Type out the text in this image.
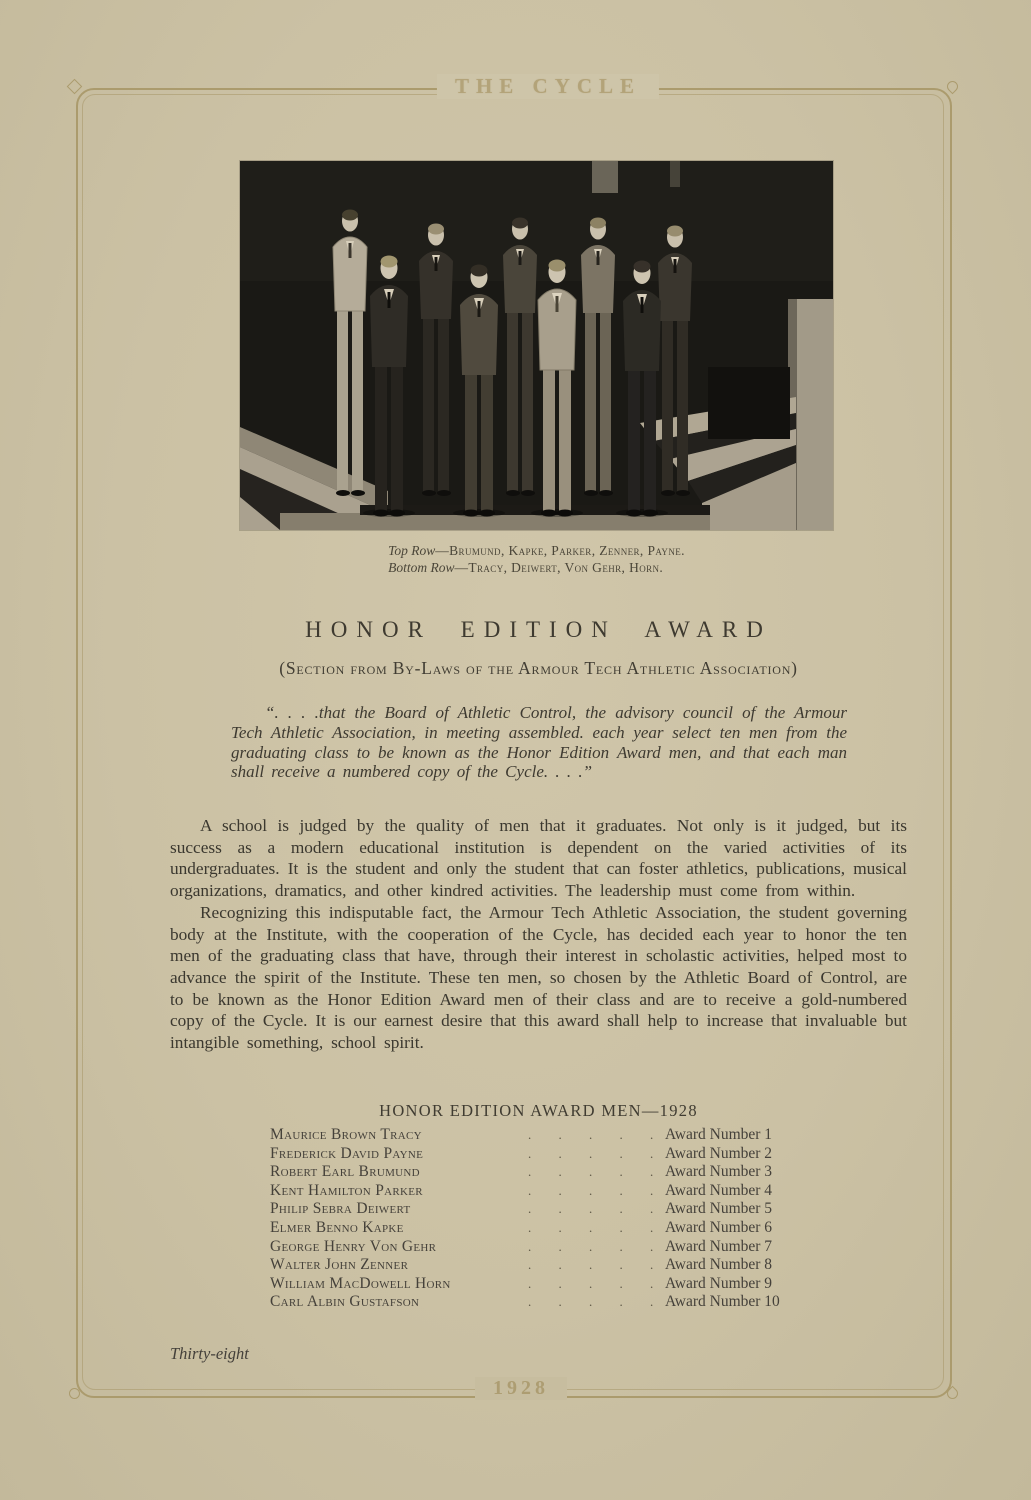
THE CYCLE
Top Row—Brumund, Kapke, Parker, Zenner, Payne.
Bottom Row—Tracy, Deiwert, Von Gehr, Horn.
HONOR EDITION AWARD
(Section from By-Laws of the Armour Tech Athletic Association)
“. . . .that the Board of Athletic Control, the advisory council of the Armour Tech Athletic Association, in meeting assembled. each year select ten men from the graduating class to be known as the Honor Edition Award men, and that each man shall receive a numbered copy of the Cycle. . . .”

A school is judged by the quality of men that it graduates. Not only is it judged, but its success as a modern educational institution is dependent on the varied activities of its undergraduates. It is the student and only the student that can foster athletics, publications, musical organizations, dramatics, and other kindred activities. The leadership must come from within.

Recognizing this indisputable fact, the Armour Tech Athletic Association, the student governing body at the Institute, with the cooperation of the Cycle, has decided each year to honor the ten men of the graduating class that have, through their interest in scholastic activities, helped most to advance the spirit of the Institute. These ten men, so chosen by the Athletic Board of Control, are to be known as the Honor Edition Award men of their class and are to receive a gold-numbered copy of the Cycle. It is our earnest desire that this award shall help to increase that invaluable but intangible something, school spirit.

HONOR EDITION AWARD MEN—1928
Maurice Brown Tracy	. . . . . Award Number 1
Frederick David Payne	. . . . . Award Number 2
Robert Earl Brumund	. . . . . Award Number 3
Kent Hamilton Parker	. . . . . Award Number 4
Philip Sebra Deiwert	. . . . . Award Number 5
Elmer Benno Kapke	. . . . . Award Number 6
George Henry Von Gehr	. . . . . Award Number 7
Walter John Zenner	. . . . . Award Number 8
William MacDowell Horn	. . . . . Award Number 9
Carl Albin Gustafson	. . . . . Award Number 10
Thirty-eight
1928
